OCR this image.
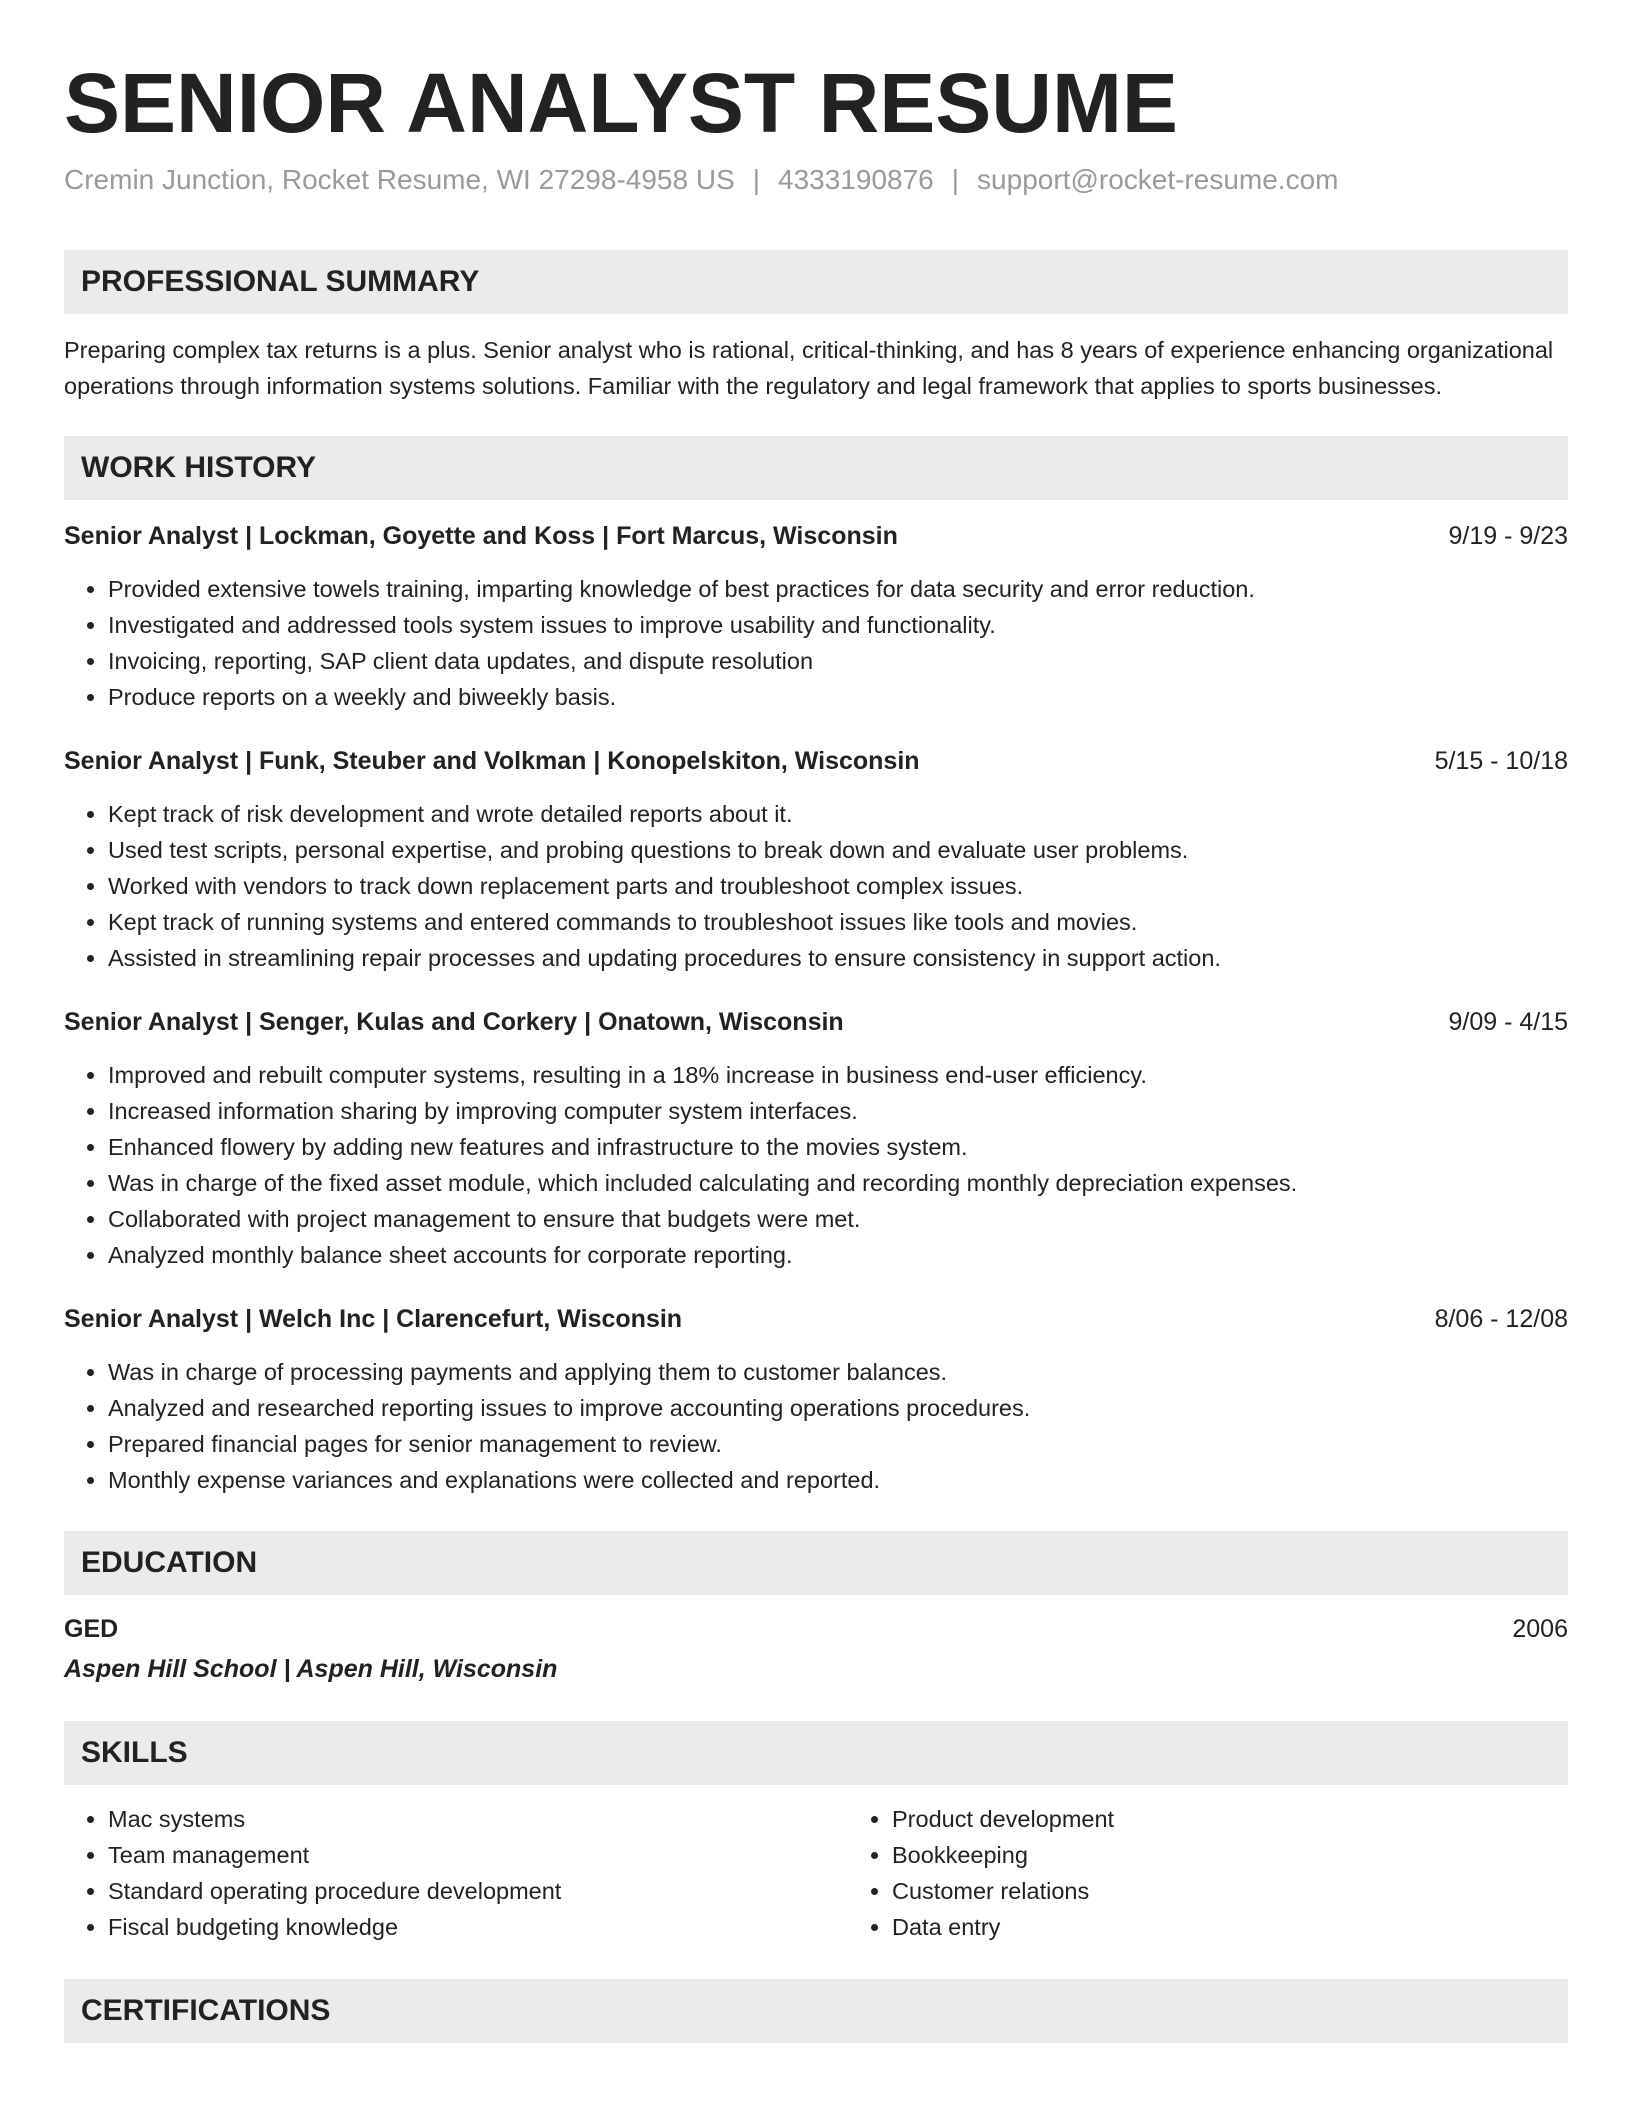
SENIOR ANALYST RESUME
Cremin Junction, Rocket Resume, WI 27298-4958 US | 4333190876 | support@rocket-resume.com
PROFESSIONAL SUMMARY

Preparing complex tax returns is a plus. Senior analyst who is rational, critical-thinking, and has 8 years of experience enhancing organizational operations through information systems solutions. Familiar with the regulatory and legal framework that applies to sports businesses.

WORK HISTORY
Senior Analyst | Lockman, Goyette and Koss | Fort Marcus, Wisconsin	9/19 - 9/23
• Provided extensive towels training, imparting knowledge of best practices for data security and error reduction.
• Investigated and addressed tools system issues to improve usability and functionality.
• Invoicing, reporting, SAP client data updates, and dispute resolution
• Produce reports on a weekly and biweekly basis.
Senior Analyst | Funk, Steuber and Volkman | Konopelskiton, Wisconsin	5/15 - 10/18
• Kept track of risk development and wrote detailed reports about it.
• Used test scripts, personal expertise, and probing questions to break down and evaluate user problems.
• Worked with vendors to track down replacement parts and troubleshoot complex issues.
• Kept track of running systems and entered commands to troubleshoot issues like tools and movies.
• Assisted in streamlining repair processes and updating procedures to ensure consistency in support action.
Senior Analyst | Senger, Kulas and Corkery | Onatown, Wisconsin	9/09 - 4/15
• Improved and rebuilt computer systems, resulting in a 18% increase in business end-user efficiency.
• Increased information sharing by improving computer system interfaces.
• Enhanced flowery by adding new features and infrastructure to the movies system.
• Was in charge of the fixed asset module, which included calculating and recording monthly depreciation expenses.
• Collaborated with project management to ensure that budgets were met.
• Analyzed monthly balance sheet accounts for corporate reporting.
Senior Analyst | Welch Inc | Clarencefurt, Wisconsin	8/06 - 12/08
• Was in charge of processing payments and applying them to customer balances.
• Analyzed and researched reporting issues to improve accounting operations procedures.
• Prepared financial pages for senior management to review.
• Monthly expense variances and explanations were collected and reported.
EDUCATION
GED	2006
Aspen Hill School | Aspen Hill, Wisconsin
SKILLS
• Mac systems
• Team management
• Standard operating procedure development
• Fiscal budgeting knowledge
• Product development
• Bookkeeping
• Customer relations
• Data entry
CERTIFICATIONS
